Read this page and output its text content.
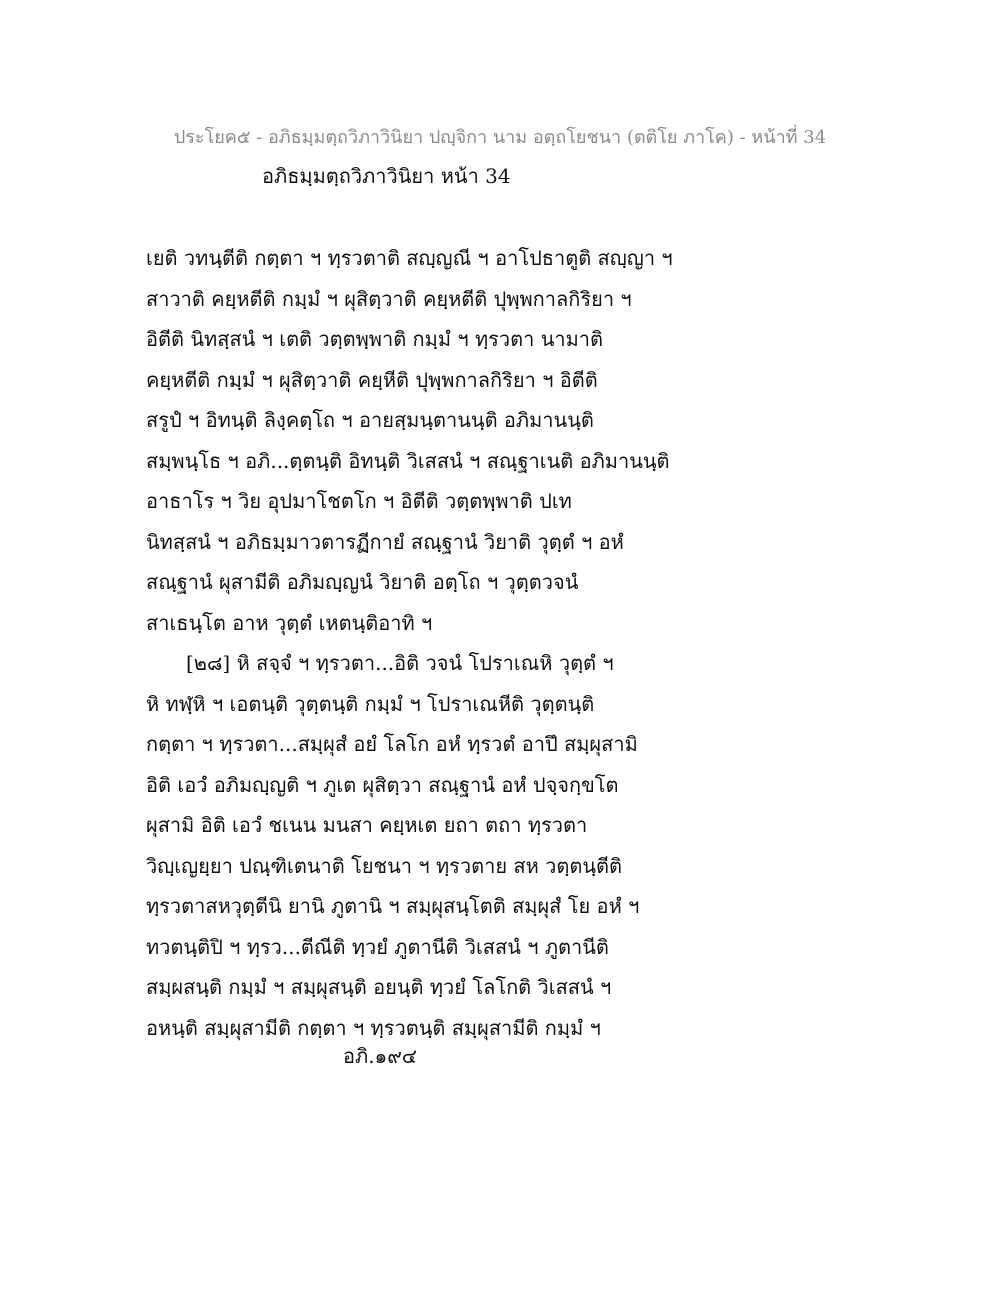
ประโยค๕ - อภิธมฺมตฺถวิภาวินิยา ปญฺจิกา นาม อตฺถโยชนา (ตติโย ภาโค) - หน้าที่ 34
อภิธมฺมตฺถวิภาวินิยา หน้า 34
เยติ วทนฺตีติ กตฺตา ฯ ทฺรวตาติ สญฺญณี ฯ อาโปธาตูติ สญฺญา ฯ
สาวาติ คยฺหตีติ กมฺมํ ฯ ผุสิตฺวาติ คยฺหตีติ ปุพฺพกาลกิริยา ฯ
อิตีติ นิทสฺสนํ ฯ เตติ วตฺตพฺพาติ กมฺมํ ฯ ทฺรวตา นามาติ
คยฺหตีติ กมฺมํ ฯ ผุสิตฺวาติ คยฺหีติ ปุพฺพกาลกิริยา ฯ อิตีติ
สรูปํ ฯ อิทนฺติ ลิงฺคตฺโถ ฯ อายสฺมนฺตานนฺติ อภิมานนฺติ
สมฺพนฺโธ ฯ อภิ...ตฺตนฺติ อิทนฺติ วิเสสนํ ฯ สณฺฐาเนติ อภิมานนฺติ
อาธาโร ฯ วิย อุปมาโชตโก ฯ อิตีติ วตฺตพฺพาติ ปเท
นิทสฺสนํ ฯ อภิธมฺมาวตารฏีกายํ สณฺฐานํ วิยาติ วุตฺตํ ฯ อหํ
สณฺฐานํ ผุสามีติ อภิมญฺญนํ วิยาติ อตฺโถ ฯ วุตฺตวจนํ
สาเธนฺโต อาห วุตฺตํ เหตนฺติอาทิ ฯ
[๒๘] หิ สจฺจํ ฯ ทฺรวตา...อิติ วจนํ โปราเณหิ วุตฺตํ ฯ
หิ ทฬฺหิ ฯ เอตนฺติ วุตฺตนฺติ กมฺมํ ฯ โปราเณหีติ วุตฺตนฺติ
กตฺตา ฯ ทฺรวตา...สมฺผุสํ อยํ โลโก อหํ ทฺรวตํ อาปึ สมฺผุสามิ
อิติ เอวํ อภิมญฺญติ ฯ ภูเต ผุสิตฺวา สณฺฐานํ อหํ ปจฺจกฺขโต
ผุสามิ อิติ เอวํ ชเนน มนสา คยฺหเต ยถา ตถา ทฺรวตา
วิญฺเญยฺยา ปณฺฑิเตนาติ โยชนา ฯ ทฺรวตาย สห วตฺตนฺตีติ
ทฺรวตาสหวุตฺตีนิ ยานิ ภูตานิ ฯ สมฺผุสนฺโตติ สมฺผุสํ โย อหํ ฯ
ทวตนฺติปิ ฯ ทฺรว...ตีณีติ ทฺวยํ ภูตานีติ วิเสสนํ ฯ ภูตานีติ
สมฺผสนฺติ กมฺมํ ฯ สมฺผุสนฺติ อยนฺติ ทฺวยํ โลโกติ วิเสสนํ ฯ
อหนฺติ สมฺผุสามีติ กตฺตา ฯ ทฺรวตนฺติ สมฺผุสามีติ กมฺมํ ฯ
อภิ.๑๙๔
